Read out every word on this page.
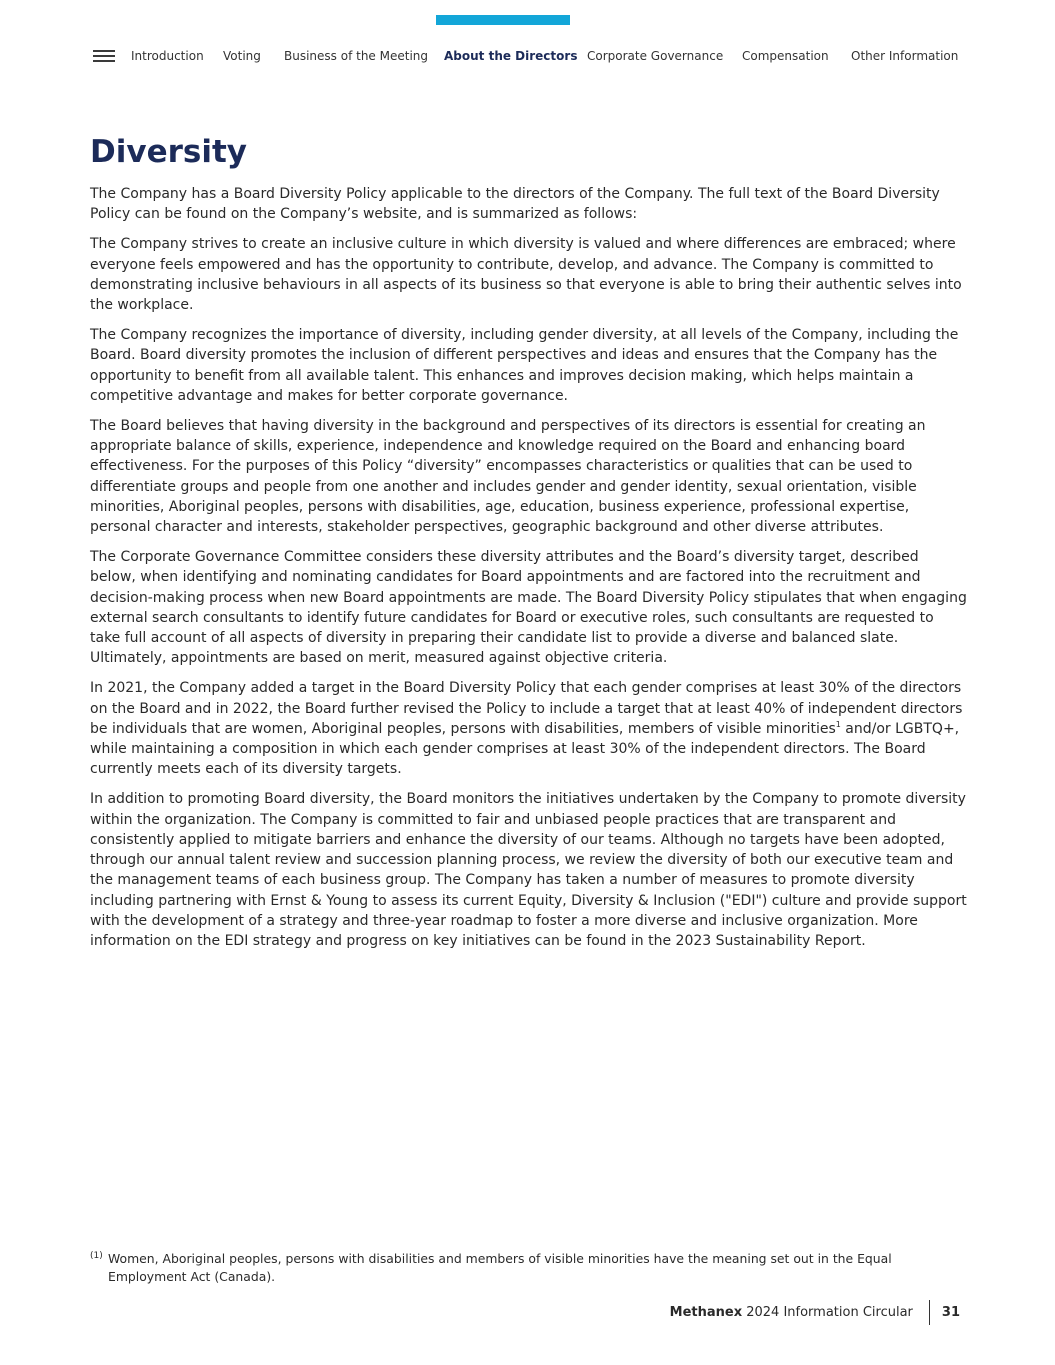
Introduction Voting Business of the Meeting About the Directors Corporate Governance Compensation Other Information
Diversity

The Company has a Board Diversity Policy applicable to the directors of the Company. The full text of the Board Diversity Policy can be found on the Company’s website, and is summarized as follows:

The Company strives to create an inclusive culture in which diversity is valued and where differences are embraced; where everyone feels empowered and has the opportunity to contribute, develop, and advance. The Company is committed to demonstrating inclusive behaviours in all aspects of its business so that everyone is able to bring their authentic selves into the workplace.

The Company recognizes the importance of diversity, including gender diversity, at all levels of the Company, including the Board. Board diversity promotes the inclusion of different perspectives and ideas and ensures that the Company has the opportunity to benefit from all available talent. This enhances and improves decision making, which helps maintain a competitive advantage and makes for better corporate governance.

The Board believes that having diversity in the background and perspectives of its directors is essential for creating an appropriate balance of skills, experience, independence and knowledge required on the Board and enhancing board effectiveness. For the purposes of this Policy “diversity” encompasses characteristics or qualities that can be used to differentiate groups and people from one another and includes gender and gender identity, sexual orientation, visible minorities, Aboriginal peoples, persons with disabilities, age, education, business experience, professional expertise, personal character and interests, stakeholder perspectives, geographic background and other diverse attributes.

The Corporate Governance Committee considers these diversity attributes and the Board’s diversity target, described below, when identifying and nominating candidates for Board appointments and are factored into the recruitment and decision-making process when new Board appointments are made. The Board Diversity Policy stipulates that when engaging external search consultants to identify future candidates for Board or executive roles, such consultants are requested to take full account of all aspects of diversity in preparing their candidate list to provide a diverse and balanced slate. Ultimately, appointments are based on merit, measured against objective criteria.

In 2021, the Company added a target in the Board Diversity Policy that each gender comprises at least 30% of the directors on the Board and in 2022, the Board further revised the Policy to include a target that at least 40% of independent directors be individuals that are women, Aboriginal peoples, persons with disabilities, members of visible minorities$^1$ and/or LGBTQ+, while maintaining a composition in which each gender comprises at least 30% of the independent directors. The Board currently meets each of its diversity targets.

In addition to promoting Board diversity, the Board monitors the initiatives undertaken by the Company to promote diversity within the organization. The Company is committed to fair and unbiased people practices that are transparent and consistently applied to mitigate barriers and enhance the diversity of our teams. Although no targets have been adopted, through our annual talent review and succession planning process, we review the diversity of both our executive team and the management teams of each business group. The Company has taken a number of measures to promote diversity including partnering with Ernst & Young to assess its current Equity, Diversity & Inclusion ("EDI") culture and provide support with the development of a strategy and three-year roadmap to foster a more diverse and inclusive organization. More information on the EDI strategy and progress on key initiatives can be found in the 2023 Sustainability Report.

(1) Women, Aboriginal peoples, persons with disabilities and members of visible minorities have the meaning set out in the Equal Employment Act (Canada).
Methanex 2024 Information Circular 31
